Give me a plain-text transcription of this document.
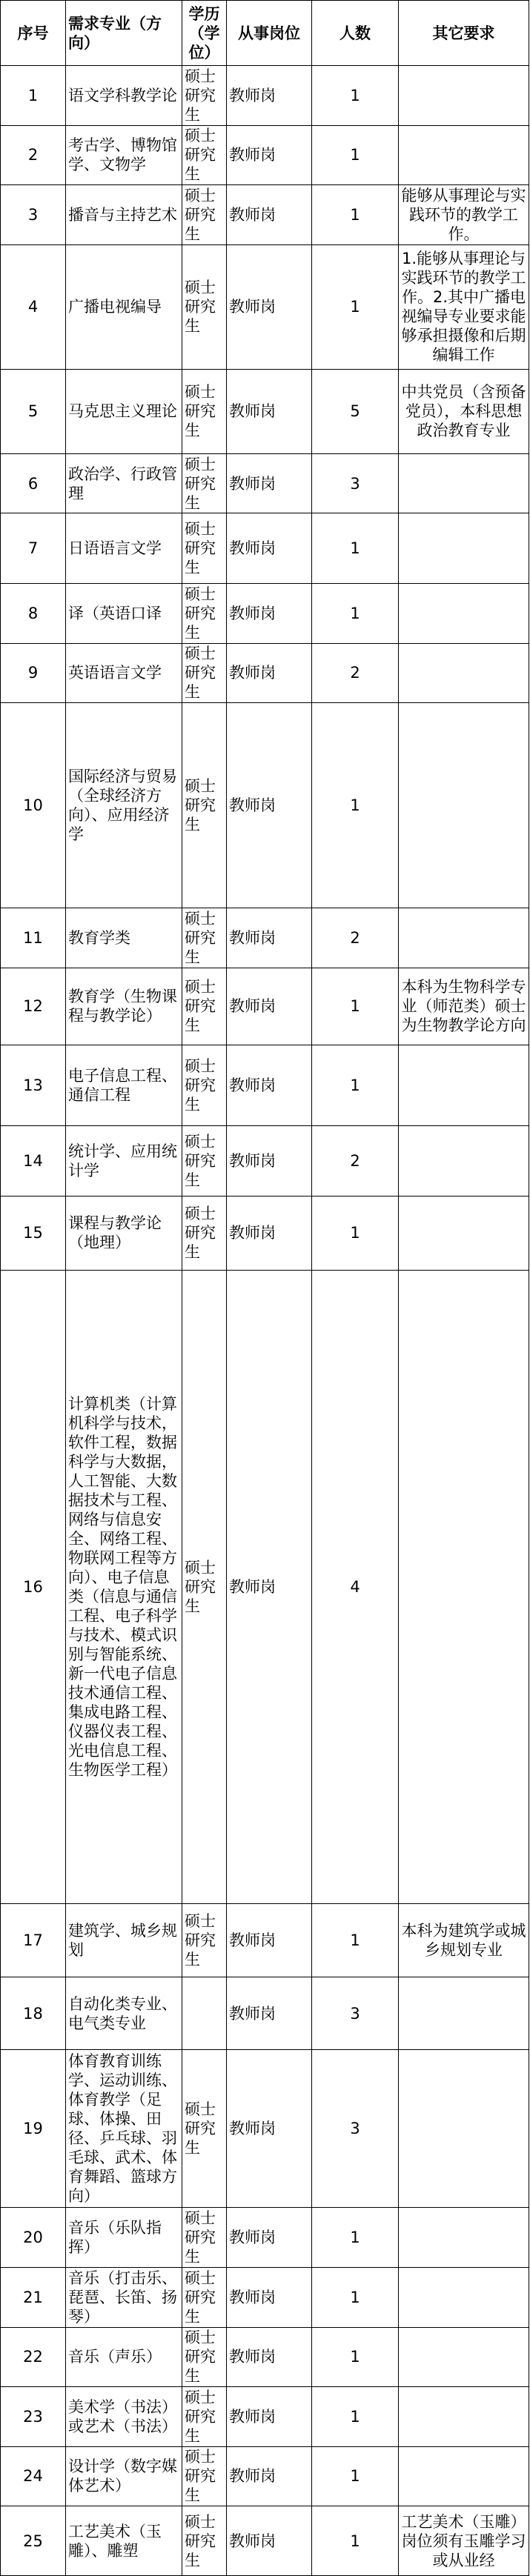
序号	需求专业（方向）	学历（学位）	从事岗位	人数	其它要求
1	语文学科教学论	硕士研究生	教师岗	1	
2	考古学、博物馆学、文物学	硕士研究生	教师岗	1	
3	播音与主持艺术	硕士研究生	教师岗	1	能够从事理论与实践环节的教学工作。
4	广播电视编导	硕士研究生	教师岗	1	1.能够从事理论与实践环节的教学工作。2.其中广播电视编导专业要求能够承担摄像和后期编辑工作
5	马克思主义理论	硕士研究生	教师岗	5	中共党员（含预备党员），本科思想政治教育专业
6	政治学、行政管理	硕士研究生	教师岗	3	
7	日语语言文学	硕士研究生	教师岗	1	
8	译（英语口译	硕士研究生	教师岗	1	
9	英语语言文学	硕士研究生	教师岗	2	
10	国际经济与贸易（全球经济方向）、应用经济学	硕士研究生	教师岗	1	
11	教育学类	硕士研究生	教师岗	2	
12	教育学（生物课程与教学论）	硕士研究生	教师岗	1	本科为生物科学专业（师范类）硕士为生物教学论方向
13	电子信息工程、通信工程	硕士研究生	教师岗	1	
14	统计学、应用统计学	硕士研究生	教师岗	2	
15	课程与教学论（地理）	硕士研究生	教师岗	1	
16	计算机类（计算机科学与技术，软件工程，数据科学与大数据，人工智能、大数据技术与工程、网络与信息安全、网络工程、物联网工程等方向）、电子信息类（信息与通信工程、电子科学与技术、模式识别与智能系统、新一代电子信息技术通信工程、集成电路工程、仪器仪表工程、光电信息工程、生物医学工程）	硕士研究生	教师岗	4	
17	建筑学、城乡规划	硕士研究生	教师岗	1	本科为建筑学或城乡规划专业
18	自动化类专业、电气类专业		教师岗	3	
19	体育教育训练学、运动训练、体育教学（足球、体操、田径、乒乓球、羽毛球、武术、体育舞蹈、篮球方向）	硕士研究生	教师岗	3	
20	音乐（乐队指挥）	硕士研究生	教师岗	1	
21	音乐（打击乐、琵琶、长笛、扬琴）	硕士研究生	教师岗	1	
22	音乐（声乐）	硕士研究生	教师岗	1	
23	美术学（书法）或艺术（书法）	硕士研究生	教师岗	1	
24	设计学（数字媒体艺术）	硕士研究生	教师岗	1	
25	工艺美术（玉雕）、雕塑	硕士研究生	教师岗	1	工艺美术（玉雕）岗位须有玉雕学习或从业经
